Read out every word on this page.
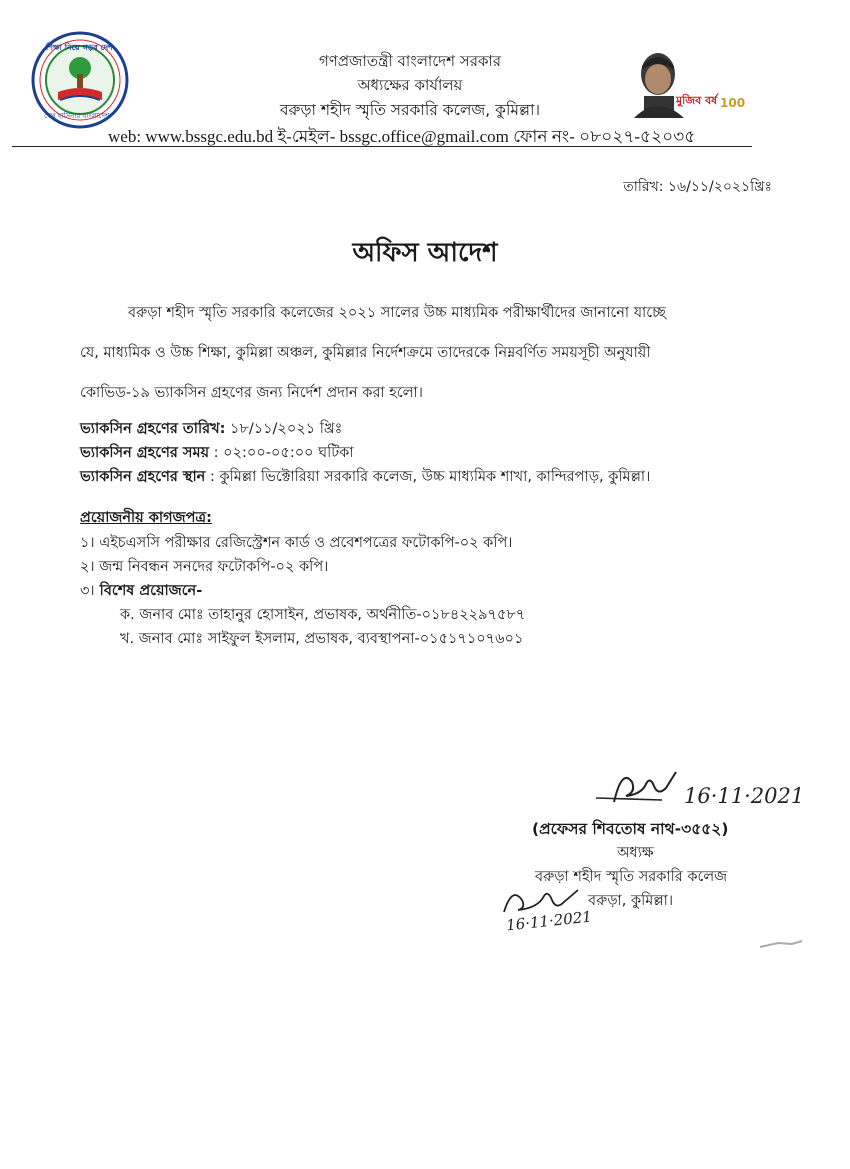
শিক্ষা নিয়ে গড়ব দেশ
শেখ হাসিনার বাংলাদেশ
গণপ্রজাতন্ত্রী বাংলাদেশ সরকার
অধ্যক্ষের কার্যালয়
বরুড়া শহীদ স্মৃতি সরকারি কলেজ, কুমিল্লা।
মুজিব বর্ষ 100
web: www.bssgc.edu.bd ই-মেইল- bssgc.office@gmail.com ফোন নং- ০৮০২৭-৫২০৩৫
তারিখ: ১৬/১১/২০২১খ্রিঃ
অফিস আদেশ

বরুড়া শহীদ স্মৃতি সরকারি কলেজের ২০২১ সালের উচ্চ মাধ্যমিক পরীক্ষার্থীদের জানানো যাচ্ছে

যে, মাধ্যমিক ও উচ্চ শিক্ষা, কুমিল্লা অঞ্চল, কুমিল্লার নির্দেশক্রমে তাদেরকে নিম্নবর্ণিত সময়সূচী অনুযায়ী

কোভিড-১৯ ভ্যাকসিন গ্রহণের জন্য নির্দেশ প্রদান করা হলো।

ভ্যাকসিন গ্রহণের তারিখ: ১৮/১১/২০২১ খ্রিঃ
ভ্যাকসিন গ্রহণের সময় : ০২:০০-০৫:০০ ঘটিকা
ভ্যাকসিন গ্রহণের স্থান : কুমিল্লা ভিক্টোরিয়া সরকারি কলেজ, উচ্চ মাধ্যমিক শাখা, কান্দিরপাড়, কুমিল্লা।
প্রয়োজনীয় কাগজপত্র:
১। এইচএসসি পরীক্ষার রেজিস্ট্রেশন কার্ড ও প্রবেশপত্রের ফটোকপি-০২ কপি।
২। জন্ম নিবন্ধন সনদের ফটোকপি-০২ কপি।
৩। বিশেষ প্রয়োজনে-
ক. জনাব মোঃ তাহানুর হোসাইন, প্রভাষক, অর্থনীতি-০১৮৪২২৯৭৫৮৭
খ. জনাব মোঃ সাইফুল ইসলাম, প্রভাষক, ব্যবস্থাপনা-০১৫১৭১০৭৬০১
16·11·2021
(প্রফেসর শিবতোষ নাথ-৩৫৫২)
অধ্যক্ষ
বরুড়া শহীদ স্মৃতি সরকারি কলেজ
বরুড়া, কুমিল্লা।
16·11·2021
